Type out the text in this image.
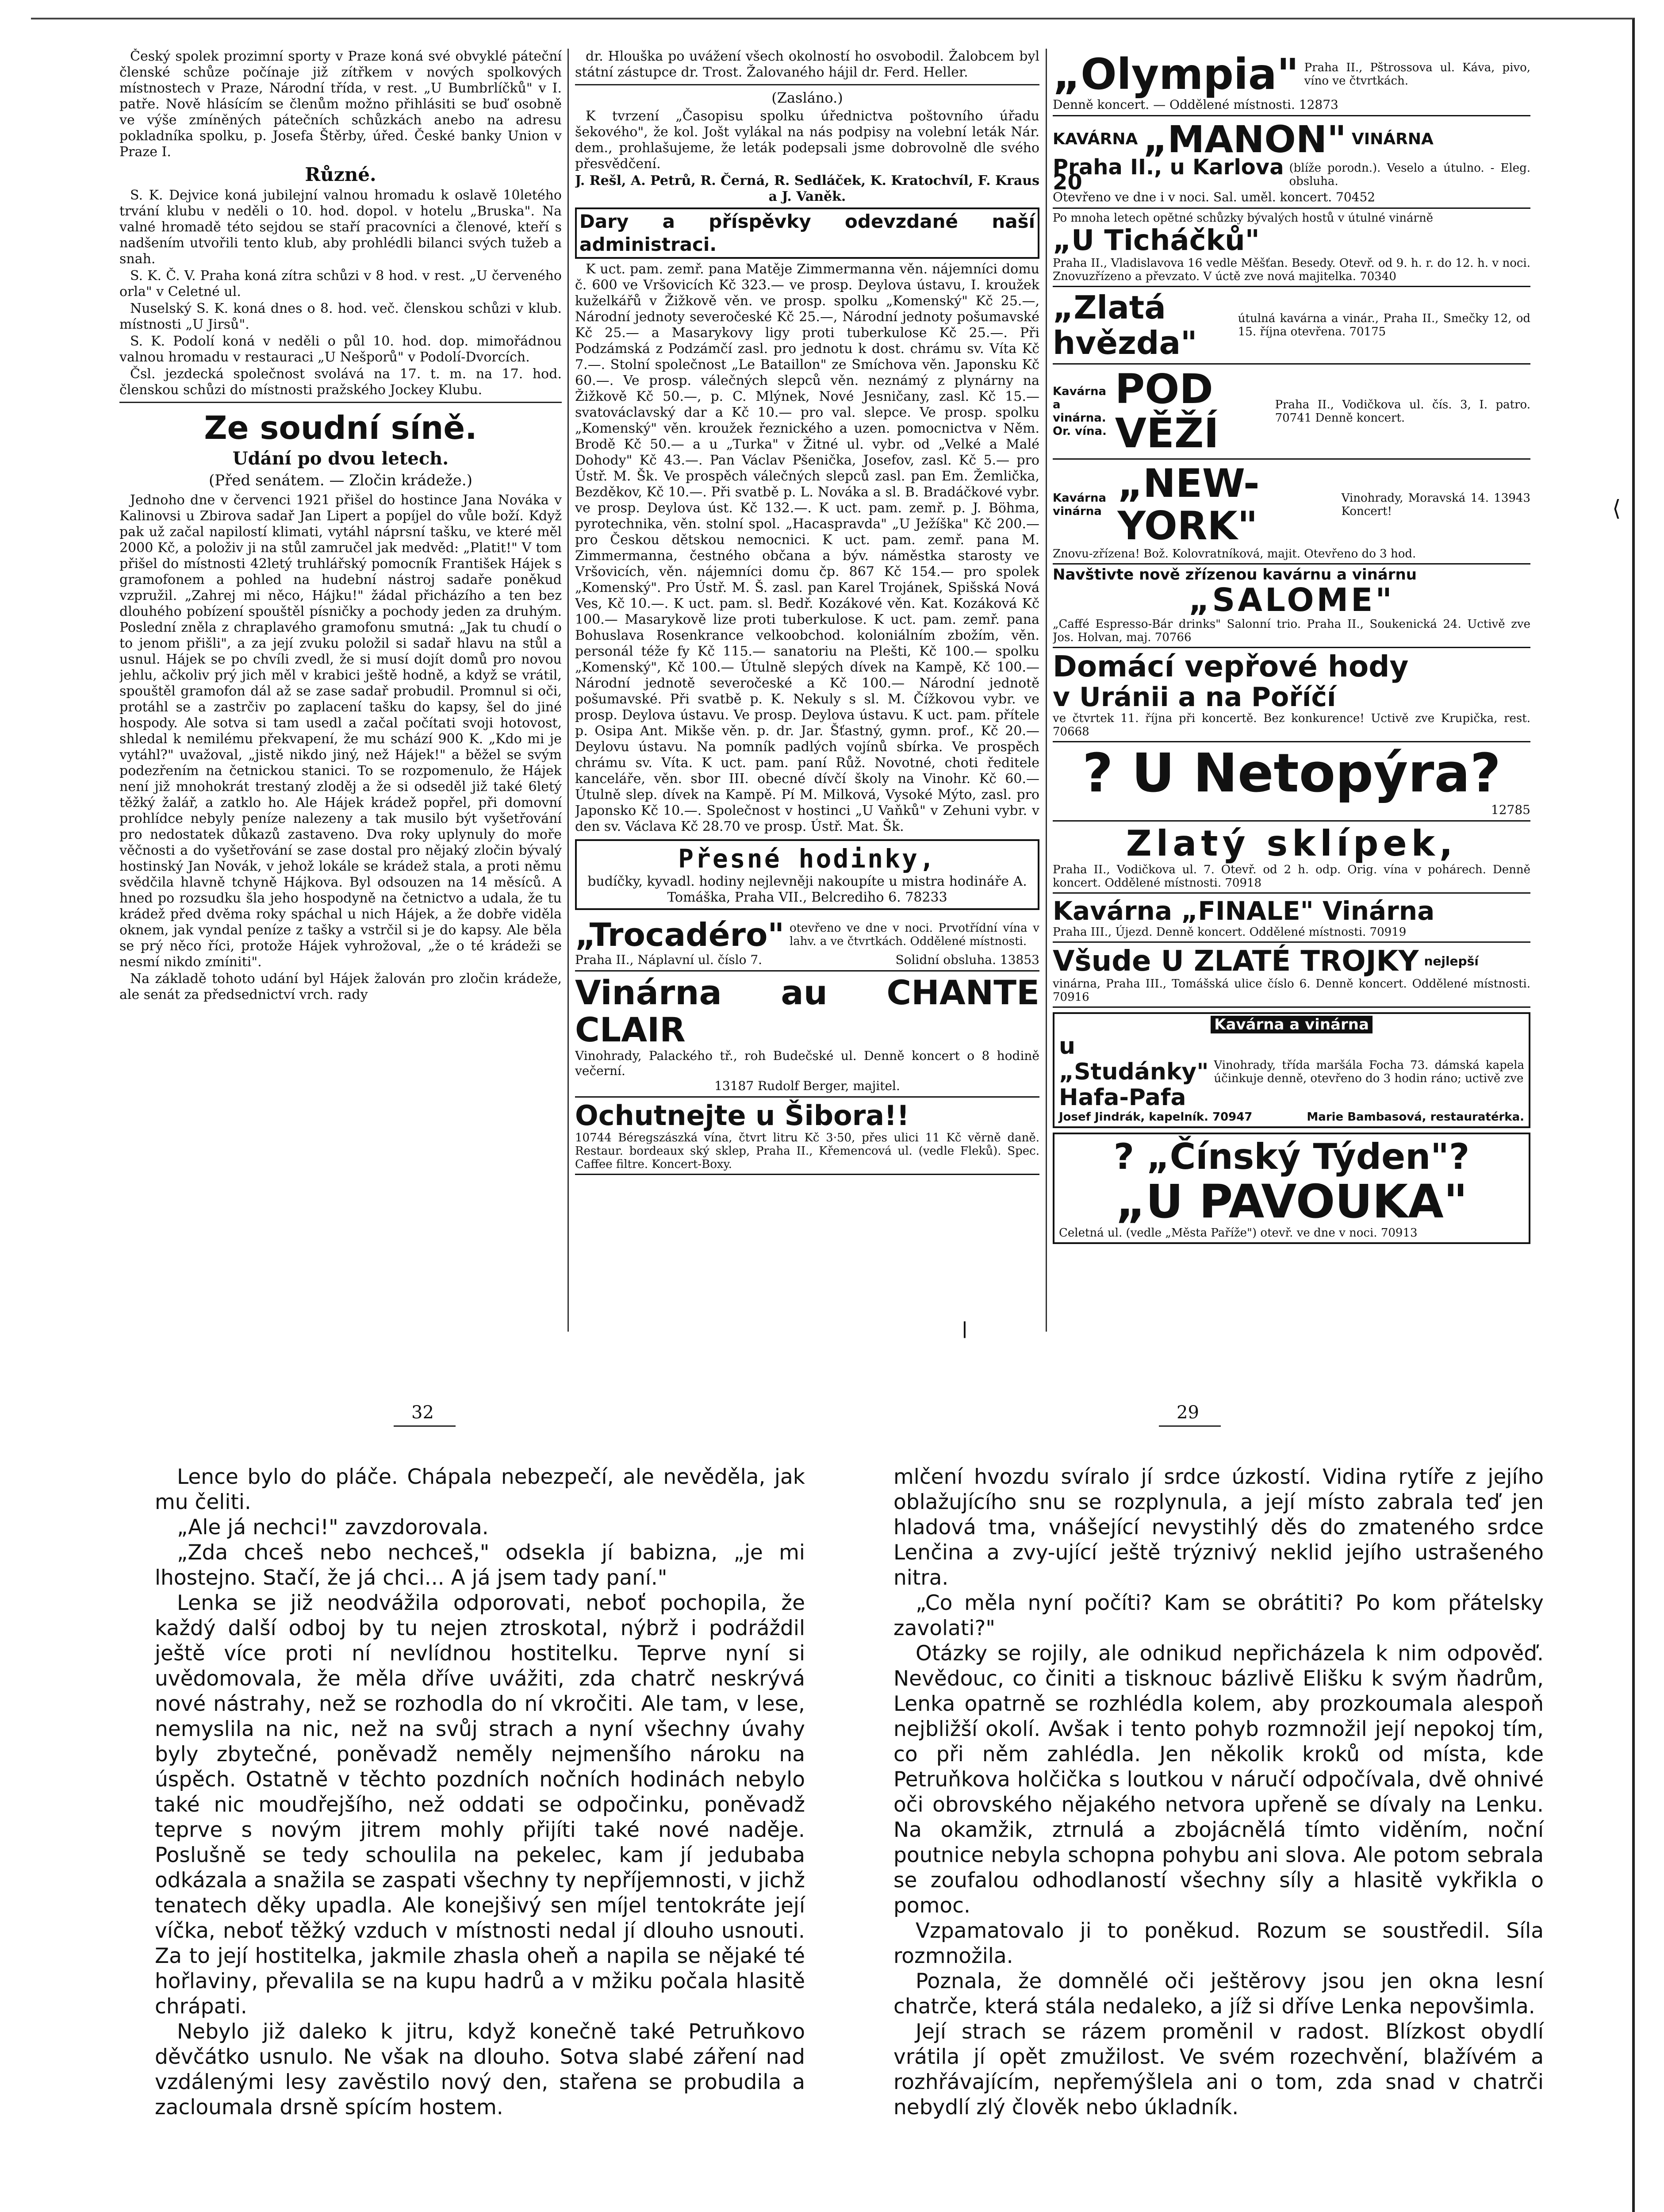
Český spolek prozimní sporty v Praze koná své obvyklé páteční členské schůze počínaje již zítřkem v nových spolkových místnostech v Praze, Národní třída, v rest. „U Bumbrlíčků" v I. patře. Nově hlásícím se členům možno přihlásiti se buď osobně ve výše zmíněných pátečních schůzkách anebo na adresu pokladníka spolku, p. Josefa Štěrby, úřed. České banky Union v Praze I.

Různé.

S. K. Dejvice koná jubilejní valnou hromadu k oslavě 10letého trvání klubu v neděli o 10. hod. dopol. v hotelu „Bruska". Na valné hromadě této sejdou se staří pracovníci a členové, kteří s nadšením utvořili tento klub, aby prohlédli bilanci svých tužeb a snah.

S. K. Č. V. Praha koná zítra schůzi v 8 hod. v rest. „U červeného orla" v Celetné ul.

Nuselský S. K. koná dnes o 8. hod. več. členskou schůzi v klub. místnosti „U Jirsů".

S. K. Podolí koná v neděli o půl 10. hod. dop. mimořádnou valnou hromadu v restauraci „U Nešporů" v Podolí-Dvorcích.

Čsl. jezdecká společnost svolává na 17. t. m. na 17. hod. členskou schůzi do místnosti pražského Jockey Klubu.

Ze soudní síně.
Udání po dvou letech.
(Před senátem. — Zločin krádeže.)

Jednoho dne v červenci 1921 přišel do hostince Jana Nováka v Kalinovsi u Zbirova sadař Jan Lipert a popíjel do vůle boží. Když pak už začal napilostí klimati, vytáhl náprsní tašku, ve které měl 2000 Kč, a položiv ji na stůl zamručel jak medvěd: „Platit!" V tom přišel do místnosti 42letý truhlářský pomocník František Hájek s gramofonem a pohled na hudební nástroj sadaře poněkud vzpružil. „Zahrej mi něco, Hájku!" žádal přicházího a ten bez dlouhého pobízení spouštěl písničky a pochody jeden za druhým. Poslední zněla z chraplavého gramofonu smutná: „Jak tu chudí o to jenom přišli", a za její zvuku položil si sadař hlavu na stůl a usnul. Hájek se po chvíli zvedl, že si musí dojít domů pro novou jehlu, ačkoliv prý jich měl v krabici ještě hodně, a když se vrátil, spouštěl gramofon dál až se zase sadař probudil. Promnul si oči, protáhl se a zastrčiv po zaplacení tašku do kapsy, šel do jiné hospody. Ale sotva si tam usedl a začal počítati svoji hotovost, shledal k nemilému překvapení, že mu schází 900 K. „Kdo mi je vytáhl?" uvažoval, „jistě nikdo jiný, než Hájek!" a běžel se svým podezřením na četnickou stanici. To se rozpomenulo, že Hájek není již mnohokrát trestaný zloděj a že si odseděl již také 6letý těžký žalář, a zatklo ho. Ale Hájek krádež popřel, při domovní prohlídce nebyly peníze nalezeny a tak musilo být vyšetřování pro nedostatek důkazů zastaveno. Dva roky uplynuly do moře věčnosti a do vyšetřování se zase dostal pro nějaký zločin bývalý hostinský Jan Novák, v jehož lokále se krádež stala, a proti němu svědčila hlavně tchyně Hájkova. Byl odsouzen na 14 měsíců. A hned po rozsudku šla jeho hospodyně na četnictvo a udala, že tu krádež před dvěma roky spáchal u nich Hájek, a že dobře viděla oknem, jak vyndal peníze z tašky a vstrčil si je do kapsy. Ale běla se prý něco říci, protože Hájek vyhrožoval, „že o té krádeži se nesmí nikdo zmíniti".

Na základě tohoto udání byl Hájek žalován pro zločin krádeže, ale senát za předsednictví vrch. rady

dr. Hlouška po uvážení všech okolností ho osvobodil. Žalobcem byl státní zástupce dr. Trost. Žalovaného hájil dr. Ferd. Heller.

(Zasláno.)

K tvrzení „Časopisu spolku úřednictva poštovního úřadu šekového", že kol. Jošt vylákal na nás podpisy na volební leták Nár. dem., prohlašujeme, že leták podepsali jsme dobrovolně dle svého přesvědčení.

J. Rešl, A. Petrů, R. Černá, R. Sedláček, K. Kratochvíl, F. Kraus a J. Vaněk.
Dary a příspěvky odevzdané naší administraci.

K uct. pam. zemř. pana Matěje Zimmermanna věn. nájemníci domu č. 600 ve Vršovicích Kč 323.— ve prosp. Deylova ústavu, I. kroužek kuželkářů v Žižkově věn. ve prosp. spolku „Komenský" Kč 25.—, Národní jednoty severočeské Kč 25.—, Národní jednoty pošumavské Kč 25.— a Masarykovy ligy proti tuberkulose Kč 25.—. Při Podzámská z Podzámčí zasl. pro jednotu k dost. chrámu sv. Víta Kč 7.—. Stolní společnost „Le Bataillon" ze Smíchova věn. Japonsku Kč 60.—. Ve prosp. válečných slepců věn. neznámý z plynárny na Žižkově Kč 50.—, p. C. Mlýnek, Nové Jesničany, zasl. Kč 15.— svatováclavský dar a Kč 10.— pro val. slepce. Ve prosp. spolku „Komenský" věn. kroužek řeznického a uzen. pomocnictva v Něm. Brodě Kč 50.— a u „Turka" v Žitné ul. vybr. od „Velké a Malé Dohody" Kč 43.—. Pan Václav Pšenička, Josefov, zasl. Kč 5.— pro Ústř. M. Šk. Ve prospěch válečných slepců zasl. pan Em. Žemlička, Bezděkov, Kč 10.—. Při svatbě p. L. Nováka a sl. B. Bradáčkové vybr. ve prosp. Deylova úst. Kč 132.—. K uct. pam. zemř. p. J. Böhma, pyrotechnika, věn. stolní spol. „Hacaspravda" „U Ježíška" Kč 200.— pro Českou dětskou nemocnici. K uct. pam. zemř. pana M. Zimmermanna, čestného občana a býv. náměstka starosty ve Vršovicích, věn. nájemníci domu čp. 867 Kč 154.— pro spolek „Komenský". Pro Ústř. M. Š. zasl. pan Karel Trojánek, Spišská Nová Ves, Kč 10.—. K uct. pam. sl. Bedř. Kozákové věn. Kat. Kozáková Kč 100.— Masarykově lize proti tuberkulose. K uct. pam. zemř. pana Bohuslava Rosenkrance velkoobchod. koloniálním zbožím, věn. personál téže fy Kč 115.— sanatoriu na Plešti, Kč 100.— spolku „Komenský", Kč 100.— Útulně slepých dívek na Kampě, Kč 100.— Národní jednotě severočeské a Kč 100.— Národní jednotě pošumavské. Při svatbě p. K. Nekuly s sl. M. Čížkovou vybr. ve prosp. Deylova ústavu. Ve prosp. Deylova ústavu. K uct. pam. přítele p. Osipa Ant. Mikše věn. p. dr. Jar. Šťastný, gymn. prof., Kč 20.— Deylovu ústavu. Na pomník padlých vojínů sbírka. Ve prospěch chrámu sv. Víta. K uct. pam. paní Růž. Novotné, choti ředitele kanceláře, věn. sbor III. obecné dívčí školy na Vinohr. Kč 60.— Útulně slep. dívek na Kampě. Pí M. Milková, Vysoké Mýto, zasl. pro Japonsko Kč 10.—. Společnost v hostinci „U Vaňků" v Zehuni vybr. v den sv. Václava Kč 28.70 ve prosp. Ústř. Mat. Šk.

Přesné hodinky,
budíčky, kyvadl. hodiny nejlevněji nakoupíte u mistra hodináře A. Tomáška, Praha VII., Belcrediho 6. 78233
„Trocadéro" otevřeno ve dne v noci. Prvotřídní vína v lahv. a ve čtvrtkách. Oddělené místnosti.
Praha II., Náplavní ul. číslo 7.	Solidní obsluha. 13853
Vinárna au CHANTE CLAIR
Vinohrady, Palackého tř., roh Budečské ul. Denně koncert o 8 hodině večerní.
13187 Rudolf Berger, majitel.
Ochutnejte u Šibora!!
10744 Béregszászká vína, čtvrt litru Kč 3·50, přes ulici 11 Kč věrně daně. Restaur. bordeaux ský sklep, Praha II., Křemencová ul. (vedle Fleků). Spec. Caffee filtre. Koncert-Boxy.
„Olympia" Praha II., Pštrossova ul. Káva, pivo, víno ve čtvrtkách.
Denně koncert. — Oddělené místnosti. 12873
KAVÁRNA „MANON" VINÁRNA
Praha II., u Karlova 20
(blíže porodn.). Veselo a útulno. - Eleg. obsluha.
Otevřeno ve dne i v noci. Sal. uměl. koncert. 70452
Po mnoha letech opětné schůzky bývalých hostů v útulné vinárně
„U Ticháčků"
Praha II., Vladislavova 16 vedle Měšťan. Besedy. Otevř. od 9. h. r. do 12. h. v noci. Znovuzřízeno a převzato. V úctě zve nová majitelka. 70340
„Zlatá hvězda"
útulná kavárna a vinár., Praha II., Smečky 12, od 15. října otevřena. 70175
Kavárna a vinárna. Or. vína.
POD VĚŽÍ
Praha II., Vodičkova ul. čís. 3, I. patro. 70741 Denně koncert.
Kavárna vinárna
„NEW-YORK"
Vinohrady, Moravská 14. 13943 Koncert!
Znovu-zřízena! Bož. Kolovratníková, majit. Otevřeno do 3 hod.
Navštivte nově zřízenou kavárnu a vinárnu
„SALOME"
„Caffé Espresso-Bár drinks" Salonní trio. Praha II., Soukenická 24. Uctivě zve Jos. Holvan, maj. 70766
Domácí vepřové hody
v Uránii a na Poříčí
ve čtvrtek 11. října při koncertě. Bez konkurence! Uctivě zve Krupička, rest. 70668
? U Netopýra?
12785
Zlatý sklípek,
Praha II., Vodičkova ul. 7. Otevř. od 2 h. odp. Orig. vína v pohárech. Denně koncert. Oddělené místnosti. 70918
Kavárna „FINALE" Vinárna
Praha III., Újezd. Denně koncert. Oddělené místnosti. 70919
Všude U ZLATÉ TROJKY nejlepší
vinárna, Praha III., Tomášská ulice číslo 6. Denně koncert. Oddělené místnosti. 70916
Kavárna a vinárna
u „Studánky" Hafa-Pafa
Vinohrady, třída maršála Focha 73. dámská kapela účinkuje denně, otevřeno do 3 hodin ráno; uctivě zve
Josef Jindrák, kapelník. 70947	Marie Bambasová, restauratérka.
? „Čínský Týden"?
„U PAVOUKA"
Celetná ul. (vedle „Města Paříže") otevř. ve dne v noci. 70913
⟨
ǀ
32	29

Lence bylo do pláče. Chápala nebezpečí, ale nevěděla, jak mu čeliti.

„Ale já nechci!" zavzdorovala.

„Zda chceš nebo nechceš," odsekla jí babizna, „je mi lhostejno. Stačí, že já chci... A já jsem tady paní."

Lenka se již neodvážila odporovati, neboť pochopila, že každý další odboj by tu nejen ztroskotal, nýbrž i podráždil ještě více proti ní nevlídnou hostitelku. Teprve nyní si uvědomovala, že měla dříve uvážiti, zda chatrč neskrývá nové nástrahy, než se rozhodla do ní vkročiti. Ale tam, v lese, nemyslila na nic, než na svůj strach a nyní všechny úvahy byly zbytečné, poněvadž neměly nejmenšího nároku na úspěch. Ostatně v těchto pozdních nočních hodinách nebylo také nic moudřejšího, než oddati se odpočinku, poněvadž teprve s novým jitrem mohly přijíti také nové naděje. Poslušně se tedy schoulila na pekelec, kam jí jedubaba odkázala a snažila se zaspati všechny ty nepříjemnosti, v jichž tenatech děky upadla. Ale konejšivý sen míjel tentokráte její víčka, neboť těžký vzduch v místnosti nedal jí dlouho usnouti. Za to její hostitelka, jakmile zhasla oheň a napila se nějaké té hořlaviny, převalila se na kupu hadrů a v mžiku počala hlasitě chrápati.

Nebylo již daleko k jitru, když konečně také Petruňkovo děvčátko usnulo. Ne však na dlouho. Sotva slabé záření nad vzdálenými lesy zavěstilo nový den, stařena se probudila a zacloumala drsně spícím hostem.

mlčení hvozdu svíralo jí srdce úzkostí. Vidina rytíře z jejího oblažujícího snu se rozplynula, a její místo zabrala teď jen hladová tma, vnášející nevystihlý děs do zmateného srdce Lenčina a zvy-ující ještě trýznivý neklid jejího ustrašeného nitra.

„Co měla nyní počíti? Kam se obrátiti? Po kom přátelsky zavolati?"

Otázky se rojily, ale odnikud nepřicházela k nim odpověď. Nevědouc, co činiti a tisknouc bázlivě Elišku k svým ňadrům, Lenka opatrně se rozhlédla kolem, aby prozkoumala alespoň nejbližší okolí. Avšak i tento pohyb rozmnožil její nepokoj tím, co při něm zahlédla. Jen několik kroků od místa, kde Petruňkova holčička s loutkou v náručí odpočívala, dvě ohnivé oči obrovského nějakého netvora upřeně se dívaly na Lenku. Na okamžik, ztrnulá a zbojácnělá tímto viděním, noční poutnice nebyla schopna pohybu ani slova. Ale potom sebrala se zoufalou odhodlaností všechny síly a hlasitě vykřikla o pomoc.

Vzpamatovalo ji to poněkud. Rozum se soustředil. Síla rozmnožila.

Poznala, že domnělé oči ještěrovy jsou jen okna lesní chatrče, která stála nedaleko, a jíž si dříve Lenka nepovšimla.

Její strach se rázem proměnil v radost. Blízkost obydlí vrátila jí opět zmužilost. Ve svém rozechvění, blažívém a rozhřávajícím, nepřemýšlela ani o tom, zda snad v chatrči nebydlí zlý člověk nebo úkladník.
